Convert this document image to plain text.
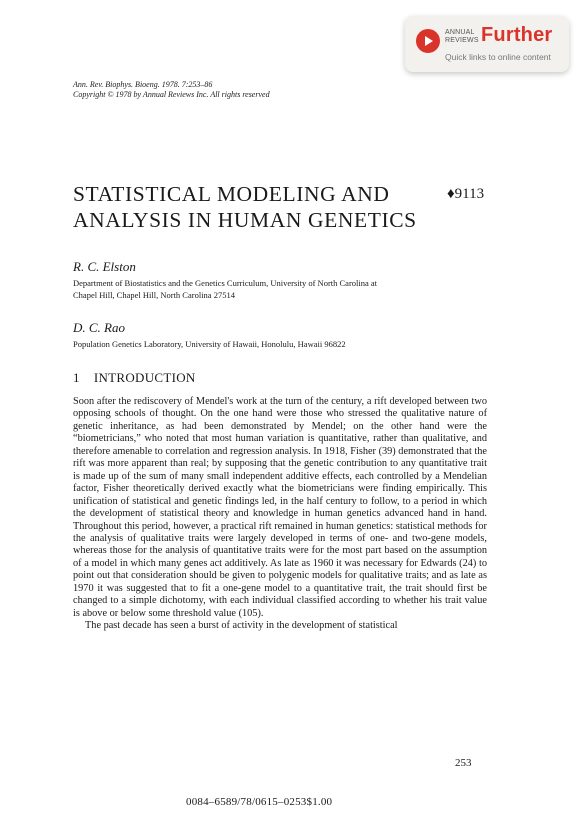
ANNUAL
REVIEWS Further
Quick links to online content
Ann. Rev. Biophys. Bioeng. 1978. 7:253–86
Copyright © 1978 by Annual Reviews Inc. All rights reserved
STATISTICAL MODELING AND
ANALYSIS IN HUMAN GENETICS
♦9113
R. C. Elston
Department of Biostatistics and the Genetics Curriculum, University of North Carolina at
Chapel Hill, Chapel Hill, North Carolina 27514
D. C. Rao
Population Genetics Laboratory, University of Hawaii, Honolulu, Hawaii 96822
1 INTRODUCTION

Soon after the rediscovery of Mendel's work at the turn of the century, a rift developed between two opposing schools of thought. On the one hand were those who stressed the qualitative nature of genetic inheritance, as had been demonstrated by Mendel; on the other hand were the “biometricians,” who noted that most human variation is quantitative, rather than qualitative, and therefore amenable to correlation and regression analysis. In 1918, Fisher (39) demonstrated that the rift was more apparent than real; by supposing that the genetic contribution to any quantitative trait is made up of the sum of many small independent additive effects, each controlled by a Mendelian factor, Fisher theoretically derived exactly what the biometricians were finding empirically. This unification of statistical and genetic findings led, in the half century to follow, to a period in which the development of statistical theory and knowledge in human genetics advanced hand in hand. Throughout this period, however, a practical rift remained in human genetics: statistical methods for the analysis of qualitative traits were largely developed in terms of one- and two-gene models, whereas those for the analysis of quantitative traits were for the most part based on the assumption of a model in which many genes act additively. As late as 1960 it was necessary for Edwards (24) to point out that consideration should be given to polygenic models for qualitative traits; and as late as 1970 it was suggested that to fit a one-gene model to a quantitative trait, the trait should first be changed to a simple dichotomy, with each individual classified according to whether his trait value is above or below some threshold value (105).

The past decade has seen a burst of activity in the development of statistical

253
0084–6589/78/0615–0253$1.00
